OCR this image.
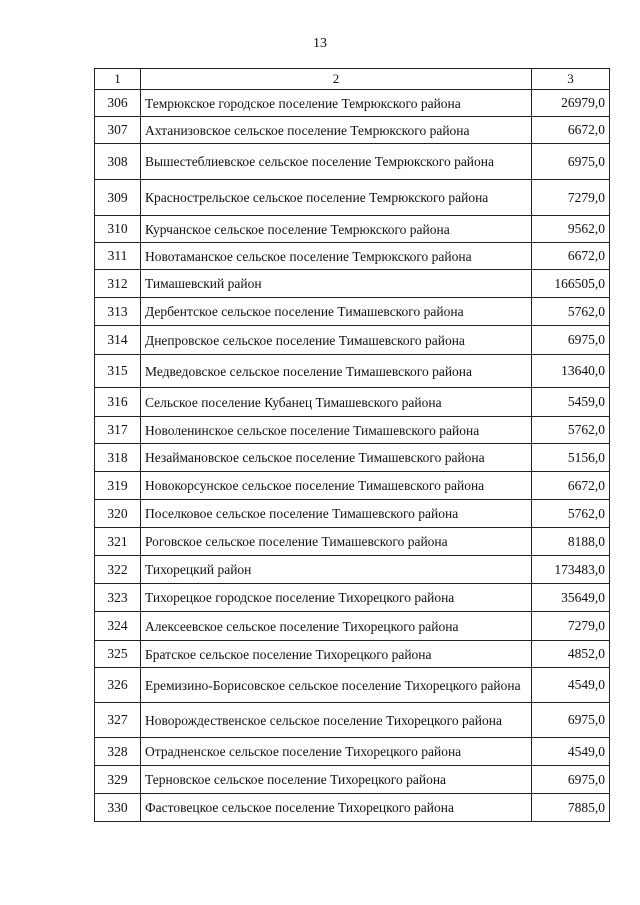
13
1	2	3
306	Темрюкское городское поселение Темрюкского района	26979,0
307	Ахтанизовское сельское поселение Темрюкского района	6672,0
308	Вышестеблиевское сельское поселение Темрюкского района	6975,0
309	Краснострельское сельское поселение Темрюкского района	7279,0
310	Курчанское сельское поселение Темрюкского района	9562,0
311	Новотаманское сельское поселение Темрюкского района	6672,0
312	Тимашевский район	166505,0
313	Дербентское сельское поселение Тимашевского района	5762,0
314	Днепровское сельское поселение Тимашевского района	6975,0
315	Медведовское сельское поселение Тимашевского района	13640,0
316	Сельское поселение Кубанец Тимашевского района	5459,0
317	Новоленинское сельское поселение Тимашевского района	5762,0
318	Незаймановское сельское поселение Тимашевского района	5156,0
319	Новокорсунское сельское поселение Тимашевского района	6672,0
320	Поселковое сельское поселение Тимашевского района	5762,0
321	Роговское сельское поселение Тимашевского района	8188,0
322	Тихорецкий район	173483,0
323	Тихорецкое городское поселение Тихорецкого района	35649,0
324	Алексеевское сельское поселение Тихорецкого района	7279,0
325	Братское сельское поселение Тихорецкого района	4852,0
326	Еремизино-Борисовское сельское поселение Тихорецкого района	4549,0
327	Новорождественское сельское поселение Тихорецкого района	6975,0
328	Отрадненское сельское поселение Тихорецкого района	4549,0
329	Терновское сельское поселение Тихорецкого района	6975,0
330	Фастовецкое сельское поселение Тихорецкого района	7885,0
